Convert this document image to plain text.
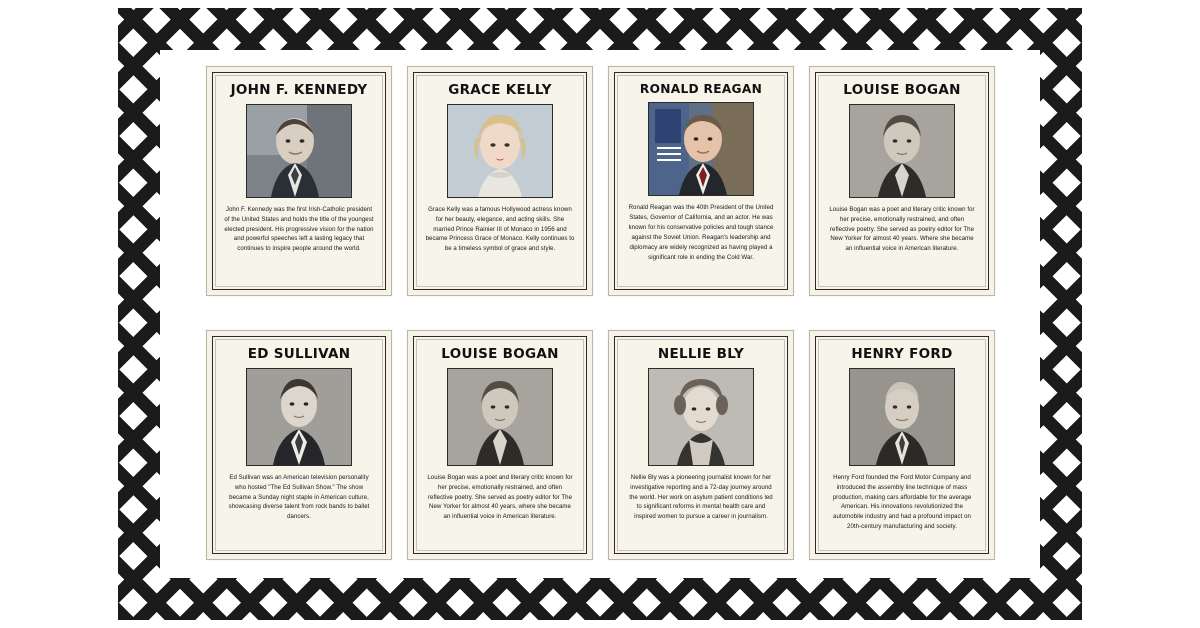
JOHN F. KENNEDY
John F. Kennedy was the first Irish-Catholic president of the United States and holds the title of the youngest elected president. His progressive vision for the nation and powerful speeches left a lasting legacy that continues to inspire people around the world.
GRACE KELLY
Grace Kelly was a famous Hollywood actress known for her beauty, elegance, and acting skills. She married Prince Rainier III of Monaco in 1956 and became Princess Grace of Monaco. Kelly continues to be a timeless symbol of grace and style.
RONALD REAGAN
Ronald Reagan was the 40th President of the United States, Governor of California, and an actor. He was known for his conservative policies and tough stance against the Soviet Union. Reagan's leadership and diplomacy are widely recognized as having played a significant role in ending the Cold War.
LOUISE BOGAN
Louise Bogan was a poet and literary critic known for her precise, emotionally restrained, and often reflective poetry. She served as poetry editor for The New Yorker for almost 40 years. Where she became an influential voice in American literature.
ED SULLIVAN
Ed Sullivan was an American television personality who hosted "The Ed Sullivan Show." The show became a Sunday night staple in American culture, showcasing diverse talent from rock bands to ballet dancers.
LOUISE BOGAN
Louise Bogan was a poet and literary critic known for her precise, emotionally restrained, and often reflective poetry. She served as poetry editor for The New Yorker for almost 40 years, where she became an influential voice in American literature.
NELLIE BLY
Nellie Bly was a pioneering journalist known for her investigative reporting and a 72-day journey around the world. Her work on asylum patient conditions led to significant reforms in mental health care and inspired women to pursue a career in journalism.
HENRY FORD
Henry Ford founded the Ford Motor Company and introduced the assembly line technique of mass production, making cars affordable for the average American. His innovations revolutionized the automobile industry and had a profound impact on 20th-century manufacturing and society.
